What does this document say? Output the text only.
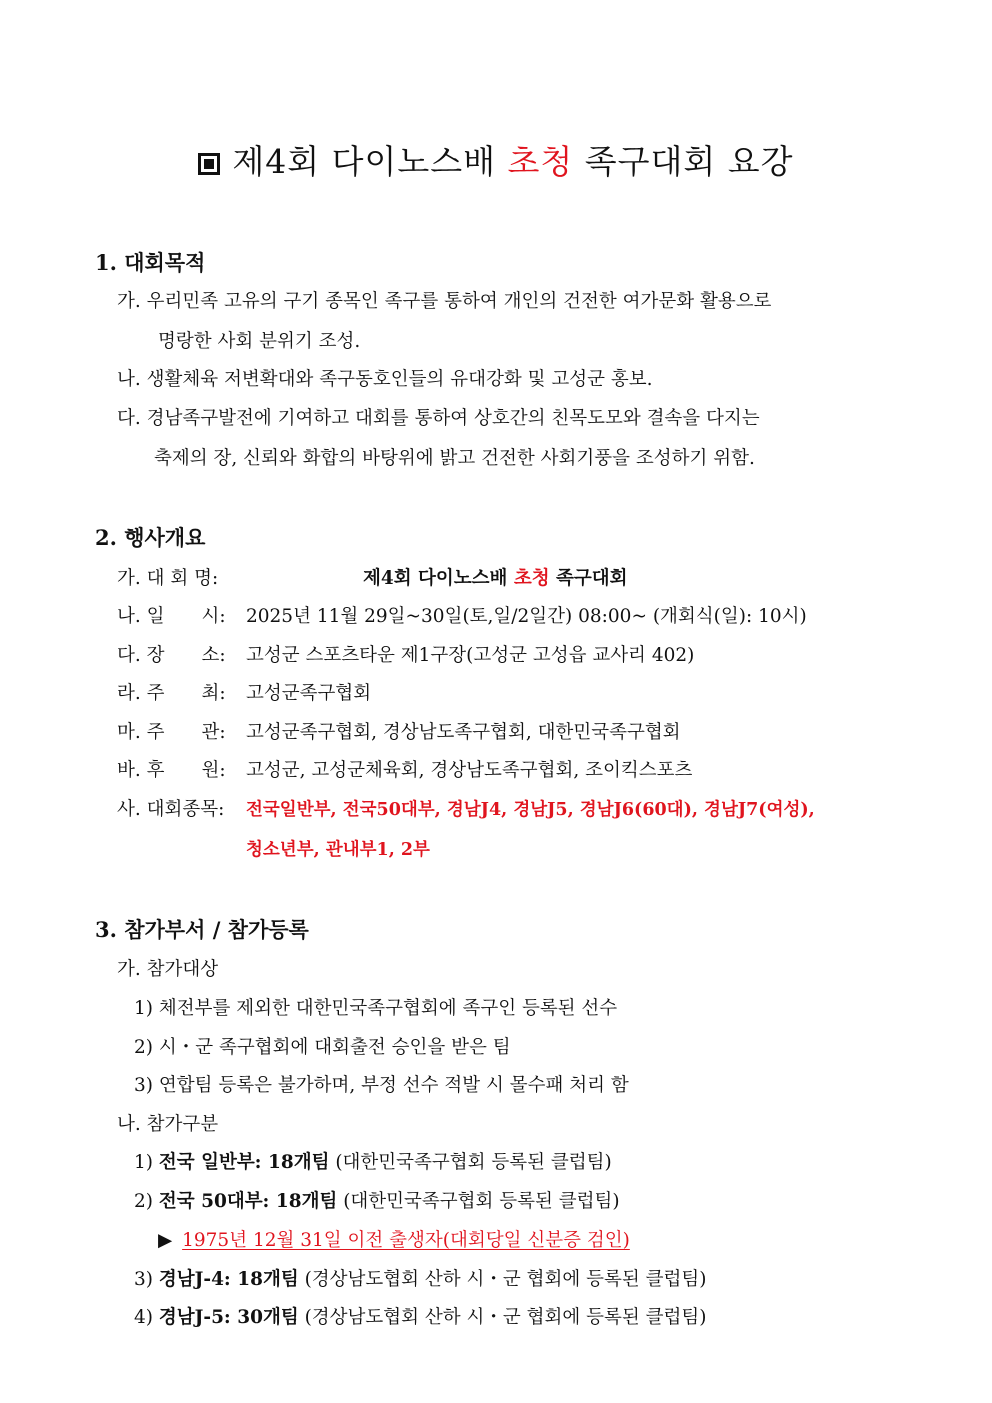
제4회 다이노스배 초청 족구대회 요강
1. 대회목적
가. 우리민족 고유의 구기 종목인 족구를 통하여 개인의 건전한 여가문화 활용으로
명랑한 사회 분위기 조성.
나. 생활체육 저변확대와 족구동호인들의 유대강화 및 고성군 홍보.
다. 경남족구발전에 기여하고 대회를 통하여 상호간의 친목도모와 결속을 다지는
축제의 장, 신뢰와 화합의 바탕위에 밝고 건전한 사회기풍을 조성하기 위함.
2. 행사개요
가. 대 회 명:	제4회 다이노스배 초청 족구대회
나. 일　　시: 2025년 11월 29일~30일(토,일/2일간) 08:00~ (개회식(일): 10시)
다. 장　　소: 고성군 스포츠타운 제1구장(고성군 고성읍 교사리 402)
라. 주　　최: 고성군족구협회
마. 주　　관: 고성군족구협회, 경상남도족구협회, 대한민국족구협회
바. 후　　원: 고성군, 고성군체육회, 경상남도족구협회, 조이킥스포츠
사. 대회종목: 전국일반부, 전국50대부, 경남J4, 경남J5, 경남J6(60대), 경남J7(여성),
청소년부, 관내부1, 2부
3. 참가부서 / 참가등록
가. 참가대상
1) 체전부를 제외한 대한민국족구협회에 족구인 등록된 선수
2) 시・군 족구협회에 대회출전 승인을 받은 팀
3) 연합팀 등록은 불가하며, 부정 선수 적발 시 몰수패 처리 함
나. 참가구분
1) 전국 일반부: 18개팀 (대한민국족구협회 등록된 클럽팀)
2) 전국 50대부: 18개팀 (대한민국족구협회 등록된 클럽팀)
▶ 1975년 12월 31일 이전 출생자(대회당일 신분증 검인)
3) 경남J-4: 18개팀 (경상남도협회 산하 시・군 협회에 등록된 클럽팀)
4) 경남J-5: 30개팀 (경상남도협회 산하 시・군 협회에 등록된 클럽팀)
